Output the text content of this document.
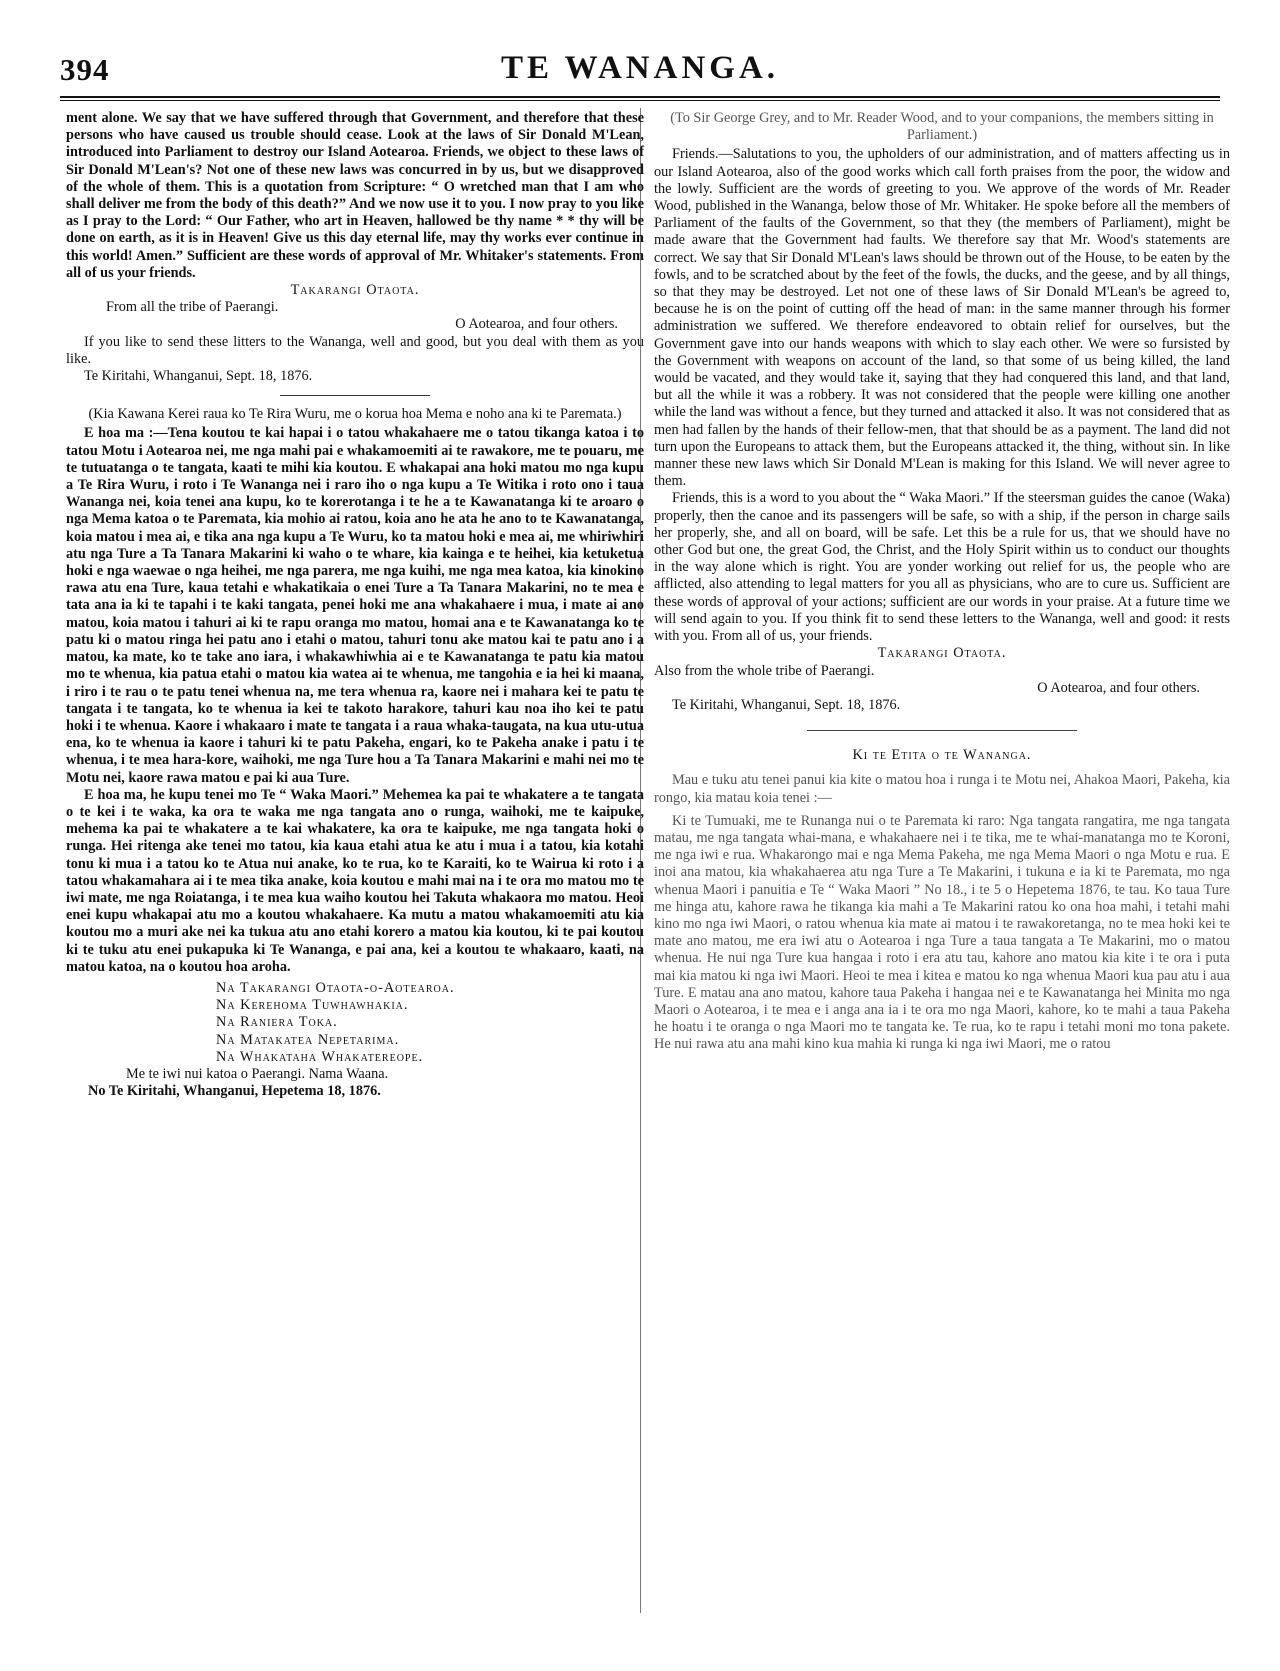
394	TE WANANGA.

ment alone. We say that we have suffered through that Government, and therefore that these persons who have caused us trouble should cease. Look at the laws of Sir Donald M'Lean, introduced into Parliament to destroy our Island Aotearoa. Friends, we object to these laws of Sir Donald M'Lean's? Not one of these new laws was concurred in by us, but we disapproved of the whole of them. This is a quotation from Scripture: “ O wretched man that I am who shall deliver me from the body of this death?” And we now use it to you. I now pray to you like as I pray to the Lord: “ Our Father, who art in Heaven, hallowed be thy name * * thy will be done on earth, as it is in Heaven! Give us this day eternal life, may thy works ever continue in this world! Amen.” Sufficient are these words of approval of Mr. Whitaker's statements. From all of us your friends.

Takarangi Otaota.

From all the tribe of Paerangi.

O Aotearoa, and four others.

If you like to send these litters to the Wananga, well and good, but you deal with them as you like.

Te Kiritahi, Whanganui, Sept. 18, 1876.

(Kia Kawana Kerei raua ko Te Rira Wuru, me o korua hoa Mema e noho ana ki te Paremata.)

E hoa ma :—Tena koutou te kai hapai i o tatou whakahaere me o tatou tikanga katoa i to tatou Motu i Aotearoa nei, me nga mahi pai e whakamoemiti ai te rawakore, me te pouaru, me te tutuatanga o te tangata, kaati te mihi kia koutou. E whakapai ana hoki matou mo nga kupu a Te Rira Wuru, i roto i Te Wananga nei i raro iho o nga kupu a Te Witika i roto ono i taua Wananga nei, koia tenei ana kupu, ko te korerotanga i te he a te Kawanatanga ki te aroaro o nga Mema katoa o te Paremata, kia mohio ai ratou, koia ano he ata he ano to te Kawanatanga, koia matou i mea ai, e tika ana nga kupu a Te Wuru, ko ta matou hoki e mea ai, me whiriwhiri atu nga Ture a Ta Tanara Makarini ki waho o te whare, kia kainga e te heihei, kia ketuketua hoki e nga waewae o nga heihei, me nga parera, me nga kuihi, me nga mea katoa, kia kinokino rawa atu ena Ture, kaua tetahi e whakatikaia o enei Ture a Ta Tanara Makarini, no te mea e tata ana ia ki te tapahi i te kaki tangata, penei hoki me ana whakahaere i mua, i mate ai ano matou, koia matou i tahuri ai ki te rapu oranga mo matou, homai ana e te Kawanatanga ko te patu ki o matou ringa hei patu ano i etahi o matou, tahuri tonu ake matou kai te patu ano i a matou, ka mate, ko te take ano iara, i whakawhiwhia ai e te Kawanatanga te patu kia matou mo te whenua, kia patua etahi o matou kia watea ai te whenua, me tangohia e ia hei ki maana, i riro i te rau o te patu tenei whenua na, me tera whenua ra, kaore nei i mahara kei te patu te tangata i te tangata, ko te whenua ia kei te takoto harakore, tahuri kau noa iho kei te patu hoki i te whenua. Kaore i whakaaro i mate te tangata i a raua whaka-taugata, na kua utu-utua ena, ko te whenua ia kaore i tahuri ki te patu Pakeha, engari, ko te Pakeha anake i patu i te whenua, i te mea hara-kore, waihoki, me nga Ture hou a Ta Tanara Makarini e mahi nei mo te Motu nei, kaore rawa matou e pai ki aua Ture.

E hoa ma, he kupu tenei mo Te “ Waka Maori.” Mehemea ka pai te whakatere a te tangata o te kei i te waka, ka ora te waka me nga tangata ano o runga, waihoki, me te kaipuke, mehema ka pai te whakatere a te kai whakatere, ka ora te kaipuke, me nga tangata hoki o runga. Hei ritenga ake tenei mo tatou, kia kaua etahi atua ke atu i mua i a tatou, kia kotahi tonu ki mua i a tatou ko te Atua nui anake, ko te rua, ko te Karaiti, ko te Wairua ki roto i a tatou whakamahara ai i te mea tika anake, koia koutou e mahi mai na i te ora mo matou mo te iwi mate, me nga Roiatanga, i te mea kua waiho koutou hei Takuta whakaora mo matou. Heoi enei kupu whakapai atu mo a koutou whakahaere. Ka mutu a matou whakamoemiti atu kia koutou mo a muri ake nei ka tukua atu ano etahi korero a matou kia koutou, ki te pai koutou ki te tuku atu enei pukapuka ki Te Wananga, e pai ana, kei a koutou te whakaaro, kaati, na matou katoa, na o koutou hoa aroha.

Na Takarangi Otaota-o-Aotearoa.

Na Kerehoma Tuwhawhakia.

Na Raniera Toka.

Na Matakatea Nepetarima.

Na Whakataha Whakatereope.

Me te iwi nui katoa o Paerangi. Nama Waana.

No Te Kiritahi, Whanganui, Hepetema 18, 1876.

(To Sir George Grey, and to Mr. Reader Wood, and to your companions, the members sitting in Parliament.)

Friends.—Salutations to you, the upholders of our administration, and of matters affecting us in our Island Aotearoa, also of the good works which call forth praises from the poor, the widow and the lowly. Sufficient are the words of greeting to you. We approve of the words of Mr. Reader Wood, published in the Wananga, below those of Mr. Whitaker. He spoke before all the members of Parliament of the faults of the Government, so that they (the members of Parliament), might be made aware that the Government had faults. We therefore say that Mr. Wood's statements are correct. We say that Sir Donald M'Lean's laws should be thrown out of the House, to be eaten by the fowls, and to be scratched about by the feet of the fowls, the ducks, and the geese, and by all things, so that they may be destroyed. Let not one of these laws of Sir Donald M'Lean's be agreed to, because he is on the point of cutting off the head of man: in the same manner through his former administration we suffered. We therefore endeavored to obtain relief for ourselves, but the Government gave into our hands weapons with which to slay each other. We were so fursisted by the Government with weapons on account of the land, so that some of us being killed, the land would be vacated, and they would take it, saying that they had conquered this land, and that land, but all the while it was a robbery. It was not considered that the people were killing one another while the land was without a fence, but they turned and attacked it also. It was not considered that as men had fallen by the hands of their fellow-men, that that should be as a payment. The land did not turn upon the Europeans to attack them, but the Europeans attacked it, the thing, without sin. In like manner these new laws which Sir Donald M'Lean is making for this Island. We will never agree to them.

Friends, this is a word to you about the “ Waka Maori.” If the steersman guides the canoe (Waka) properly, then the canoe and its passengers will be safe, so with a ship, if the person in charge sails her properly, she, and all on board, will be safe. Let this be a rule for us, that we should have no other God but one, the great God, the Christ, and the Holy Spirit within us to conduct our thoughts in the way alone which is right. You are yonder working out relief for us, the people who are afflicted, also attending to legal matters for you all as physicians, who are to cure us. Sufficient are these words of approval of your actions; sufficient are our words in your praise. At a future time we will send again to you. If you think fit to send these letters to the Wananga, well and good: it rests with you. From all of us, your friends.

Takarangi Otaota.

Also from the whole tribe of Paerangi.

O Aotearoa, and four others.

Te Kiritahi, Whanganui, Sept. 18, 1876.

Ki te Etita o te Wananga.

Mau e tuku atu tenei panui kia kite o matou hoa i runga i te Motu nei, Ahakoa Maori, Pakeha, kia rongo, kia matau koia tenei :—

Ki te Tumuaki, me te Runanga nui o te Paremata ki raro: Nga tangata rangatira, me nga tangata matau, me nga tangata whai-mana, e whakahaere nei i te tika, me te whai-manatanga mo te Koroni, me nga iwi e rua. Whakarongo mai e nga Mema Pakeha, me nga Mema Maori o nga Motu e rua. E inoi ana matou, kia whakahaerea atu nga Ture a Te Makarini, i tukuna e ia ki te Paremata, mo nga whenua Maori i panuitia e Te “ Waka Maori ” No 18., i te 5 o Hepetema 1876, te tau. Ko taua Ture me hinga atu, kahore rawa he tikanga kia mahi a Te Makarini ratou ko ona hoa mahi, i tetahi mahi kino mo nga iwi Maori, o ratou whenua kia mate ai matou i te rawakoretanga, no te mea hoki kei te mate ano matou, me era iwi atu o Aotearoa i nga Ture a taua tangata a Te Makarini, mo o matou whenua. He nui nga Ture kua hangaa i roto i era atu tau, kahore ano matou kia kite i te ora i puta mai kia matou ki nga iwi Maori. Heoi te mea i kitea e matou ko nga whenua Maori kua pau atu i aua Ture. E matau ana ano matou, kahore taua Pakeha i hangaa nei e te Kawanatanga hei Minita mo nga Maori o Aotearoa, i te mea e i anga ana ia i te ora mo nga Maori, kahore, ko te mahi a taua Pakeha he hoatu i te oranga o nga Maori mo te tangata ke. Te rua, ko te rapu i tetahi moni mo tona pakete. He nui rawa atu ana mahi kino kua mahia ki runga ki nga iwi Maori, me o ratou
